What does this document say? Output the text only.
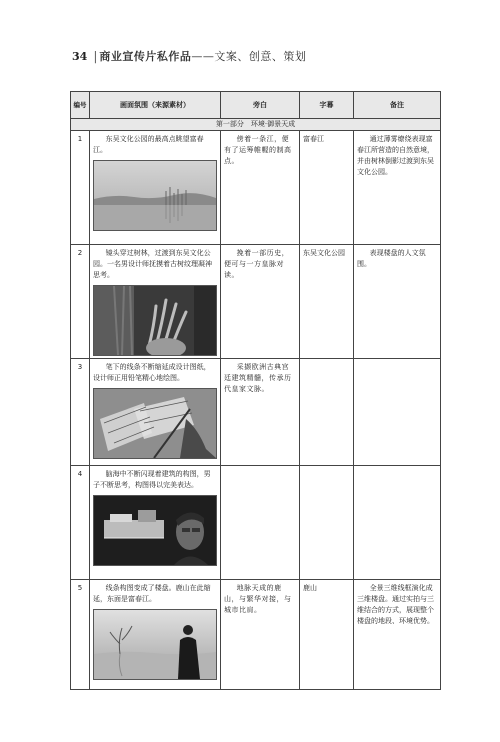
34 | 商业宣传片私作品——文案、创意、策划
编号	画面氛围（来源素材）	旁白	字幕	备注
第一部分　环境·御景天成				
1	东吴文化公园的最高点眺望富春江。	傍着一条江，便有了运筹帷幄的制高点。	富春江	通过薄雾缭绕表现富春江所营造的自然意境，并由树林倒影过渡到东吴文化公园。

2	镜头穿过树林，过渡到东吴文化公园。一名男设计师抚摸着古树纹理凝神思考。	挽着一部历史，便可与一方皇脉对读。	东吴文化公园	表现楼盘的人文氛围。

3	笔下的线条不断缩延成设计图纸，设计师正用铅笔精心地绘图。	采撷欧洲古典宫廷建筑精髓，传承历代皇家文脉。		

4	脑海中不断闪现着建筑的构图，男子不断思考，构图得以完美表达。			

5	线条构图变成了楼盘。鹿山在此缩延，东面是富春江。	地脉天成的鹿山，与繁华对接，与城市比肩。	鹿山	全景三维线框演化成三维楼盘。通过实拍与三维结合的方式，展现整个楼盘的地段、环境优势。
